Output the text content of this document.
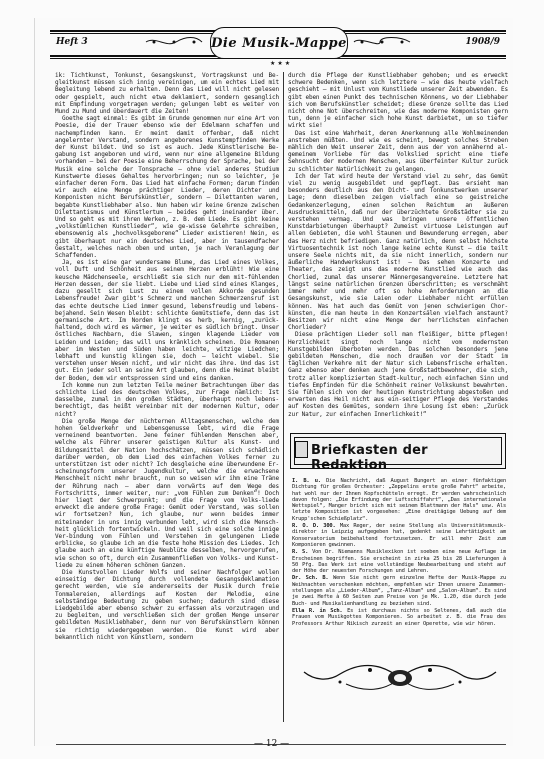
Heft 3	Die Musik-Mappe	1908/9
★★★

ik: Tichtkunst, Tonkunst, Gesangskunst, Vortragskunst und Be-gleitkunst müssen sich innig vereinigen, um ein echtes Lied mit Begleitung lebend zu erhalten. Denn das Lied will nicht gelesen oder gespielt, auch nicht etwa deklamiert, sondern gesanglich mit Empfindung vorgetragen werden; gelungen lebt es weiter von Mund zu Mund und überdauert die Zeiten!

Goethe sagt einmal: Es gibt im Grunde genommen nur eine Art von Poesie, die der Trauer ebenso wie der Edelmann schaffen und nachempfinden kann. Er meint damit offenbar, daß nicht angelernter Verstand, sondern angeborenes Kunstempfinden Werke der Kunst bildet. Und so ist es auch. Jede Künstlerische Be-gabung ist angeboren und wird, wenn nur eine allgemeine Bildung vorhanden — bei der Poesie eine Beherrschung der Sprache, bei der Musik eine solche der Tonsprache — ohne viel anderes Studium Kunstwerte dieses Gehaltes hervorbringen; nun so leichter, je einfacher deren Form. Das Lied hat einfache Formen; darum finden wir auch eine Menge prächtiger Lieder, deren Dichter und Komponisten nicht Berufskünstler, sondern — Dilettanten waren, begabte Kunstliebhaber also. Nun haben wir keine Grenze zwischen Dilettantismus und Künstlertum — beides geht ineinander über. Und so geht es mit ihren Werken, z. B. dem Liede. Es gibt keine „volkstümlichen Kunstlieder“, wie ge-wisse Gelehrte schreiben, ebensowenig als „hochvolksgeborene“ Lieder existieren! Nein, es gibt überhaupt nur ein deutsches Lied, aber in tausendfacher Gestalt, welches nach oben und unten, je nach Veranlagung der Schaffenden.

Ja, es ist eine gar wundersame Blume, das Lied eines Volkes, voll Duft und Schönheit aus seinem Herzen erblüht! Wie eine keusche Mädchenseele, erschließt sie sich nur dem mit-fühlenden Herzen dessen, der sie liebt. Liebe und Lied sind eines Klanges, dazu gesellt sich Lust zu einem vollen Akkorde gesunden Lebensfreude! Zwar gibt's Schmerz und manchen Schmerzensruf ist das echte deutsche Lied immer gesund, lebensfreudig und lebens-bejahend. Sein Wesen bleibt: schlichte Gemütstiefe, denn das ist germanische Art. Im Norden klingt es herb, kernig, „zurück-haltend, doch wird es wärmer, je weiter es südlich bringt. Unser östliches Nachbarn, die Slawen, singen klagende Lieder vom Leiden und Leiden; das will uns kränklich scheinen. Die Romanen aber im Westen und Süden haben leichte, witzige Liedchen; lebhaft und kunstig klingen sie, doch — leicht wiebel. Sie verstehen unser Wesen nicht, und wir nicht das ihre. Und das ist gut. Ein jeder soll an seine Art glauben, denn die Heimat bleibt der Boden, dem wir entsprossen sind und eins danken.

Ich komme nun zum letzten Teile meiner Betrachtungen über das schlichte Lied des deutschen Volkes, zur Frage nämlich: Ist dasselbe, zumal in den großen Städten, überhaupt noch lebens-berechtigt, das heißt vereinbar mit der modernen Kultur, oder nicht?

Die große Menge der nüchternen Alltagsmenschen, welche dem hohen Geldverkehr und Lebensgenusse lebt, wird die Frage verneinend beantworten. Jene feiner fühlenden Menschen aber, welche als Führer unserer geistigen Kultur als Kunst- und Bildungsmittel der Nation hochschätzen, müssen sich schädlich darüber werden, ob dem Lied des einfachen Volkes ferner zu unterstützen ist oder nicht? Ich desgleiche eine überwundene Er-scheinungsform unserer Jugendkultur, welche die erwachsene Menschheit nicht mehr braucht, nun so weisen wir ihm eine Träne der Rührung nach — aber dann vorwärts auf dem Wege des Fortschritts, immer weiter, nur: „vom Fühlen zum Denken“! Doch hier liegt der Schwerpunkt; und die Frage vom Volks-liede erweckt die andere große Frage: Gemüt oder Verstand, was sollen wir fortsetzen? Nun, ich glaube, nur wenn beides immer miteinander in uns innig verbunden lebt, wird sich die Mensch-heit glücklich fortentwickeln. Und weil sich eine solche innige Ver-bindung vom Fühlen und Verstehen im gelungenen Liede erblicke, so glaube ich an die feste hohe Mission des Liedes. Ich glaube auch an eine künftige Neublüte desselben, hervorgerufen, wie schon so oft, durch ein Zusammenfließen von Volks- und Kunst-liede zu einem höheren schönen Ganzen.

Die Kunstvollen Lieder Wolfs und seiner Nachfolger wollen einseitig der Dichtung durch vollendete Gesangsdeklamation gerecht werden, wie sie andererseits der Musik durch freie Tonmalereien, allerdings auf Kosten der Melodie, eine selbständige Bedeutung zu geben suchen; dadurch sind diese Liedgebilde aber ebenso schwer zu erfassen als vorzutragen und zu begleiten, und verschließen sich der großen Menge unserer gebildeten Musikliebhaber, denn nur von Berufskünstlern können sie richtig wiedergegeben werden. Die Kunst wird aber bekanntlich nicht von Künstlern, sondern

durch die Pflege der Kunstliebhaber gehoben; und es erweckt schwere Bedenken, wenn sich letztere — wie das heute vielfach geschieht — mit Unlust vom Kunstliede unserer Zeit abwenden. Es gibt eben einen Punkt des technischen Könnens, wo der Liebhaber sich vom Berufskünstler scheidet; diese Grenze sollte das Lied nicht ohne Not überschreiten, wie das moderne Komponisten gern tun, denn je einfacher sich hohe Kunst darbietet, um so tiefer wirkt sie!

Das ist eine Wahrheit, deren Anerkennung alle Wohlmeinenden anstreben müßten. Und wie es scheint, bewegt solches Streben mählich den Weit unserer Zeit, denn aus der von annähernd al-gemeinem Vorliebe für das Volkslied spricht eine tiefe Sehnsucht der modernen Menschen, aus überfeinter Kultur zurück zu schlichter Natürlichkeit zu gelangen.

Ich der Tat wird heute der Verstand viel zu sehr, das Gemüt viel zu wenig ausgebildet und gepflegt. Das ersieht man besonders deutlich aus den Dicht- und Tonkunstwerken unserer Lage; denn dieselben zeigen vielfach eine so geistreiche Gedankenzerlegung, einen solchen Reichtum an äußeren Ausdrucksmitteln, daß nur der überzüchtete Großstädter sie zu verstehen vermag. Und was bringen unsere öffentlichen Kunstdarbietungen überhaupt? Zumeist virtuose Leistungen auf allen Gebieten, die wohl Staunen und Bewunderung erregen, aber das Herz nicht befriedigen. Ganz natürlich, denn selbst höchste Virtuosentechnik ist noch lange keine echte Kunst — die teilt unsere Seele nichts mit, da sie nicht innerlich, sondern nur äußerliche Handwerkskunst ist! — Das sehen Konzerte und Theater, das zeigt uns das moderne Kunstlied wie auch das Chorlied, zumal das unserer Männergesangvereine. Letztere hat längst seine natürlichen Grenzen überschritten; es verschmäht immer mehr und mehr oft so hohe Anforderungen an die Gesangskunst, wie sie Laien oder Liebhaber nicht erfüllen können. Was hat auch das Gemüt von jenen schwierigen Chor-künsten, die man heute in den Konzertsälen vielfach anstaunt? Besitzen wir nicht eine Menge der herrlichsten einfachen Chorlieder?

Diese prächtigen Lieder soll man fleißiger, bitte pflegen! Herzlichkeit singt noch lange nicht vom modernsten Kunstgebilden überboten werden. Das solchen besonders jene gebildeten Menschen, die noch draußen vor der Stadt im täglichen Verkehre mit der Natur sich Lebensfrische erhalten. Ganz ebenso aber denken auch jene Großstadtbewohner, die sich, trotz aller komplizierten Stadt-kultur, noch einfachen Sinn und tiefes Empfinden für die Schönheit reiner Volkskunst bewahrten. Sie fühlen sich von der heutigen Kunstrichtung abgestoßen und erwarten das Heil nicht aus ein-seitiger Pflege des Verstandes auf Kosten des Gemütes, sondern ihre Losung ist eben: „Zurück zur Natur, zur einfachen Innerlichkeit!“

Briefkasten der Redaktion

I. B. u. Die Nachricht, daß August Bungert an einer fünfaktigen Dichtung für großes Orchester: „Zeppelins erste große Fahrt“ arbeite, hat wohl nur der Ihnen Kopfschütteln erregt. Er werden wahrscheinlich davon folgen: „Die Erfindung der Luftschiffahrt“, „Das internationale Wettspiel“, Manger bricht sich mit seinem Blattmann der Hals“ usw. Als letzte Komposition ist vorgesehen: „Eine dreitägige Uebung auf dem Krupp'schen Schießplatz“.

R. O. D. 300. Max Reger, der seine Stellung als Universitätsmusik-direktor in Leipzig aufgegeben hat, gedenkt seine Lehrtätigkeit am Konservatorium beibehaltend fortzusetzen. Er will mehr Zeit zum Komponieren gewinnen.

R. S. Von Dr. Niemanns Musiklexikon ist soeben eine neue Auflage im Erscheinen begriffen. Sie erscheint in zirka 25 bis 28 Lieferungen à 50 Pfg. Das Werk ist eine vollständige Neubearbeitung und steht auf der Höhe der neuesten Forschungen und Lehren.

Dr. Sch. B. Wenn Sie nicht gern einzelne Hefte der Musik-Mappe zu Weihnachten verschenken möchten, empfehlen wir Ihnen unsere Zusammen-stellungen als „Lieder-Album“, „Tanz-Album“ und „Salon-Album“. Es sind je zwei Hefte à 60 Seiten zum Preise von je Mk. 1.20, die durch jede Buch- und Musikalienhandlung zu beziehen sind.

Ella R. in Sch. Es ist durchaus nichts so Seltenes, daß auch die Frauen vom Musikgottes Komponieren. So arbeitet z. B. die Frau des Professors Arthur Nikisch zurzeit an einer Operette, wie wir hören.

— 12 —
